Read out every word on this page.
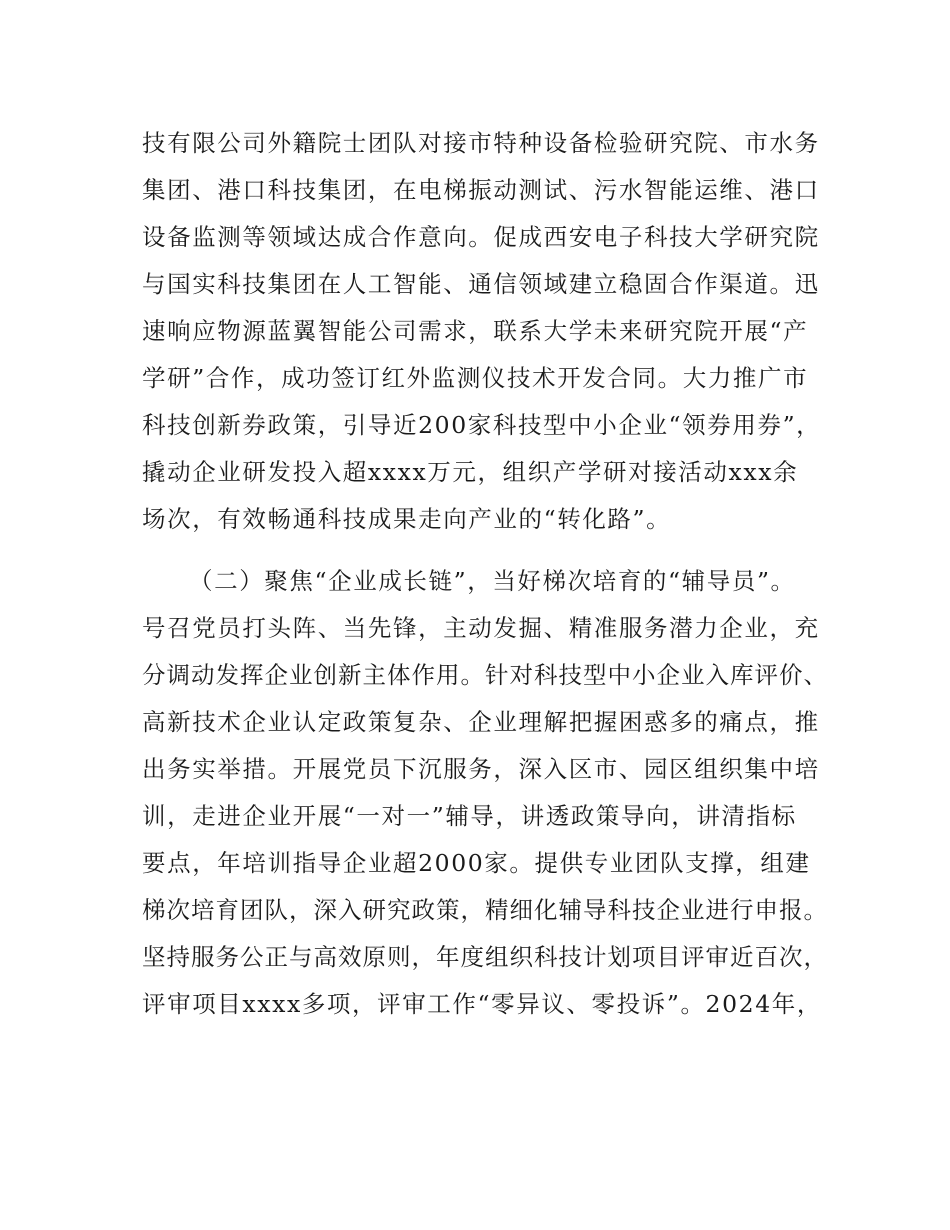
技有限公司外籍院士团队对接市特种设备检验研究院、市水务
集团、港口科技集团，在电梯振动测试、污水智能运维、港口
设备监测等领域达成合作意向。促成西安电子科技大学研究院
与国实科技集团在人工智能、通信领域建立稳固合作渠道。迅
速响应物源蓝翼智能公司需求，联系大学未来研究院开展“产
学研”合作，成功签订红外监测仪技术开发合同。大力推广市
科技创新券政策，引导近200家科技型中小企业“领券用券”，
撬动企业研发投入超xxxx万元，组织产学研对接活动xxx余
场次，有效畅通科技成果走向产业的“转化路”。
（二）聚焦“企业成长链”，当好梯次培育的“辅导员”。
号召党员打头阵、当先锋，主动发掘、精准服务潜力企业，充
分调动发挥企业创新主体作用。针对科技型中小企业入库评价、
高新技术企业认定政策复杂、企业理解把握困惑多的痛点，推
出务实举措。开展党员下沉服务，深入区市、园区组织集中培
训，走进企业开展“一对一”辅导，讲透政策导向，讲清指标
要点，年培训指导企业超2000家。提供专业团队支撑，组建
梯次培育团队，深入研究政策，精细化辅导科技企业进行申报。
坚持服务公正与高效原则，年度组织科技计划项目评审近百次，
评审项目xxxx多项，评审工作“零异议、零投诉”。2024年，
